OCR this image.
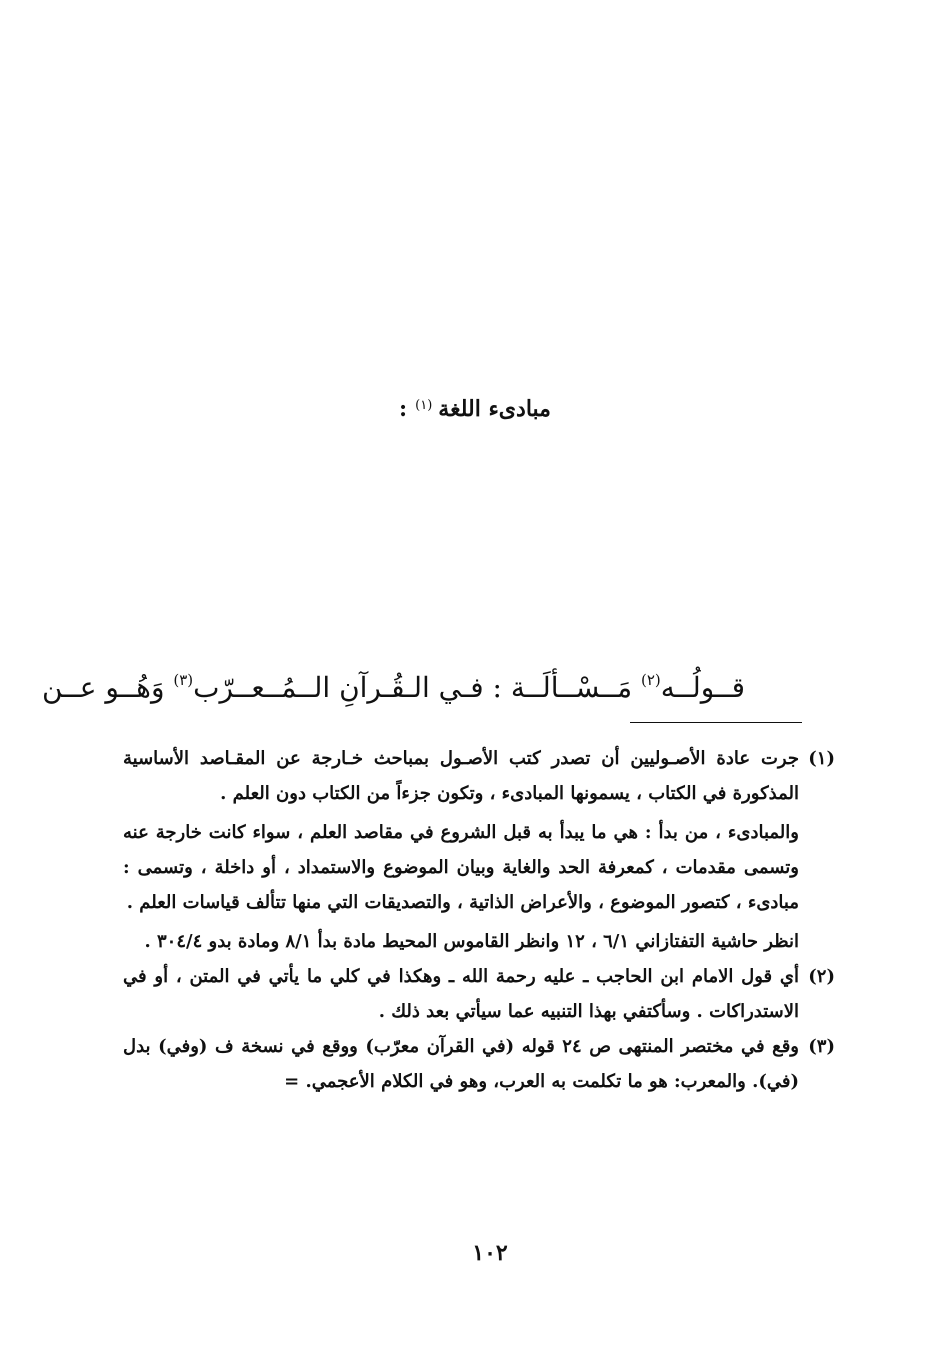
مبادىء اللغة$^{(١)}$:
قــولُــه$^{(٢)}$ مَــسْــألَــة : فـي الـقُـرآنِ الــمُــعــرّب$^{(٣)}$ وَهُــو عــن
(١)

جرت عادة الأصـوليين أن تصدر كتب الأصـول بمباحث خـارجة عن المقـاصد الأساسية المذكورة في الكتاب ، يسمونها المبادىء ، وتكون جزءاً من الكتاب دون العلم .

والمبادىء ، من بدأ : هي ما يبدأ به قبل الشروع في مقاصد العلم ، سواء كانت خارجة عنه وتسمى مقدمات ، كمعرفة الحد والغاية وبيان الموضوع والاستمداد ، أو داخلة ، وتسمى : مبادىء ، كتصور الموضوع ، والأعراض الذاتية ، والتصديقات التي منها تتألف قياسات العلم .

انظر حاشية التفتازاني ٦/١ ، ١٢ وانظر القاموس المحيط مادة بدأ ٨/١ ومادة بدو ٣٠٤/٤ .

(٢)

أي قول الامام ابن الحاجب ـ عليه رحمة الله ـ وهكذا في كلي ما يأتي في المتن ، أو في الاستدراكات . وسأكتفي بهذا التنبيه عما سيأتي بعد ذلك .

(٣)

وقع في مختصر المنتهى ص ٢٤ قوله (في القرآن معرّب) ووقع في نسخة ف (وفي) بدل (في). والمعرب: هو ما تكلمت به العرب، وهو في الكلام الأعجمي. =

١٠٢
